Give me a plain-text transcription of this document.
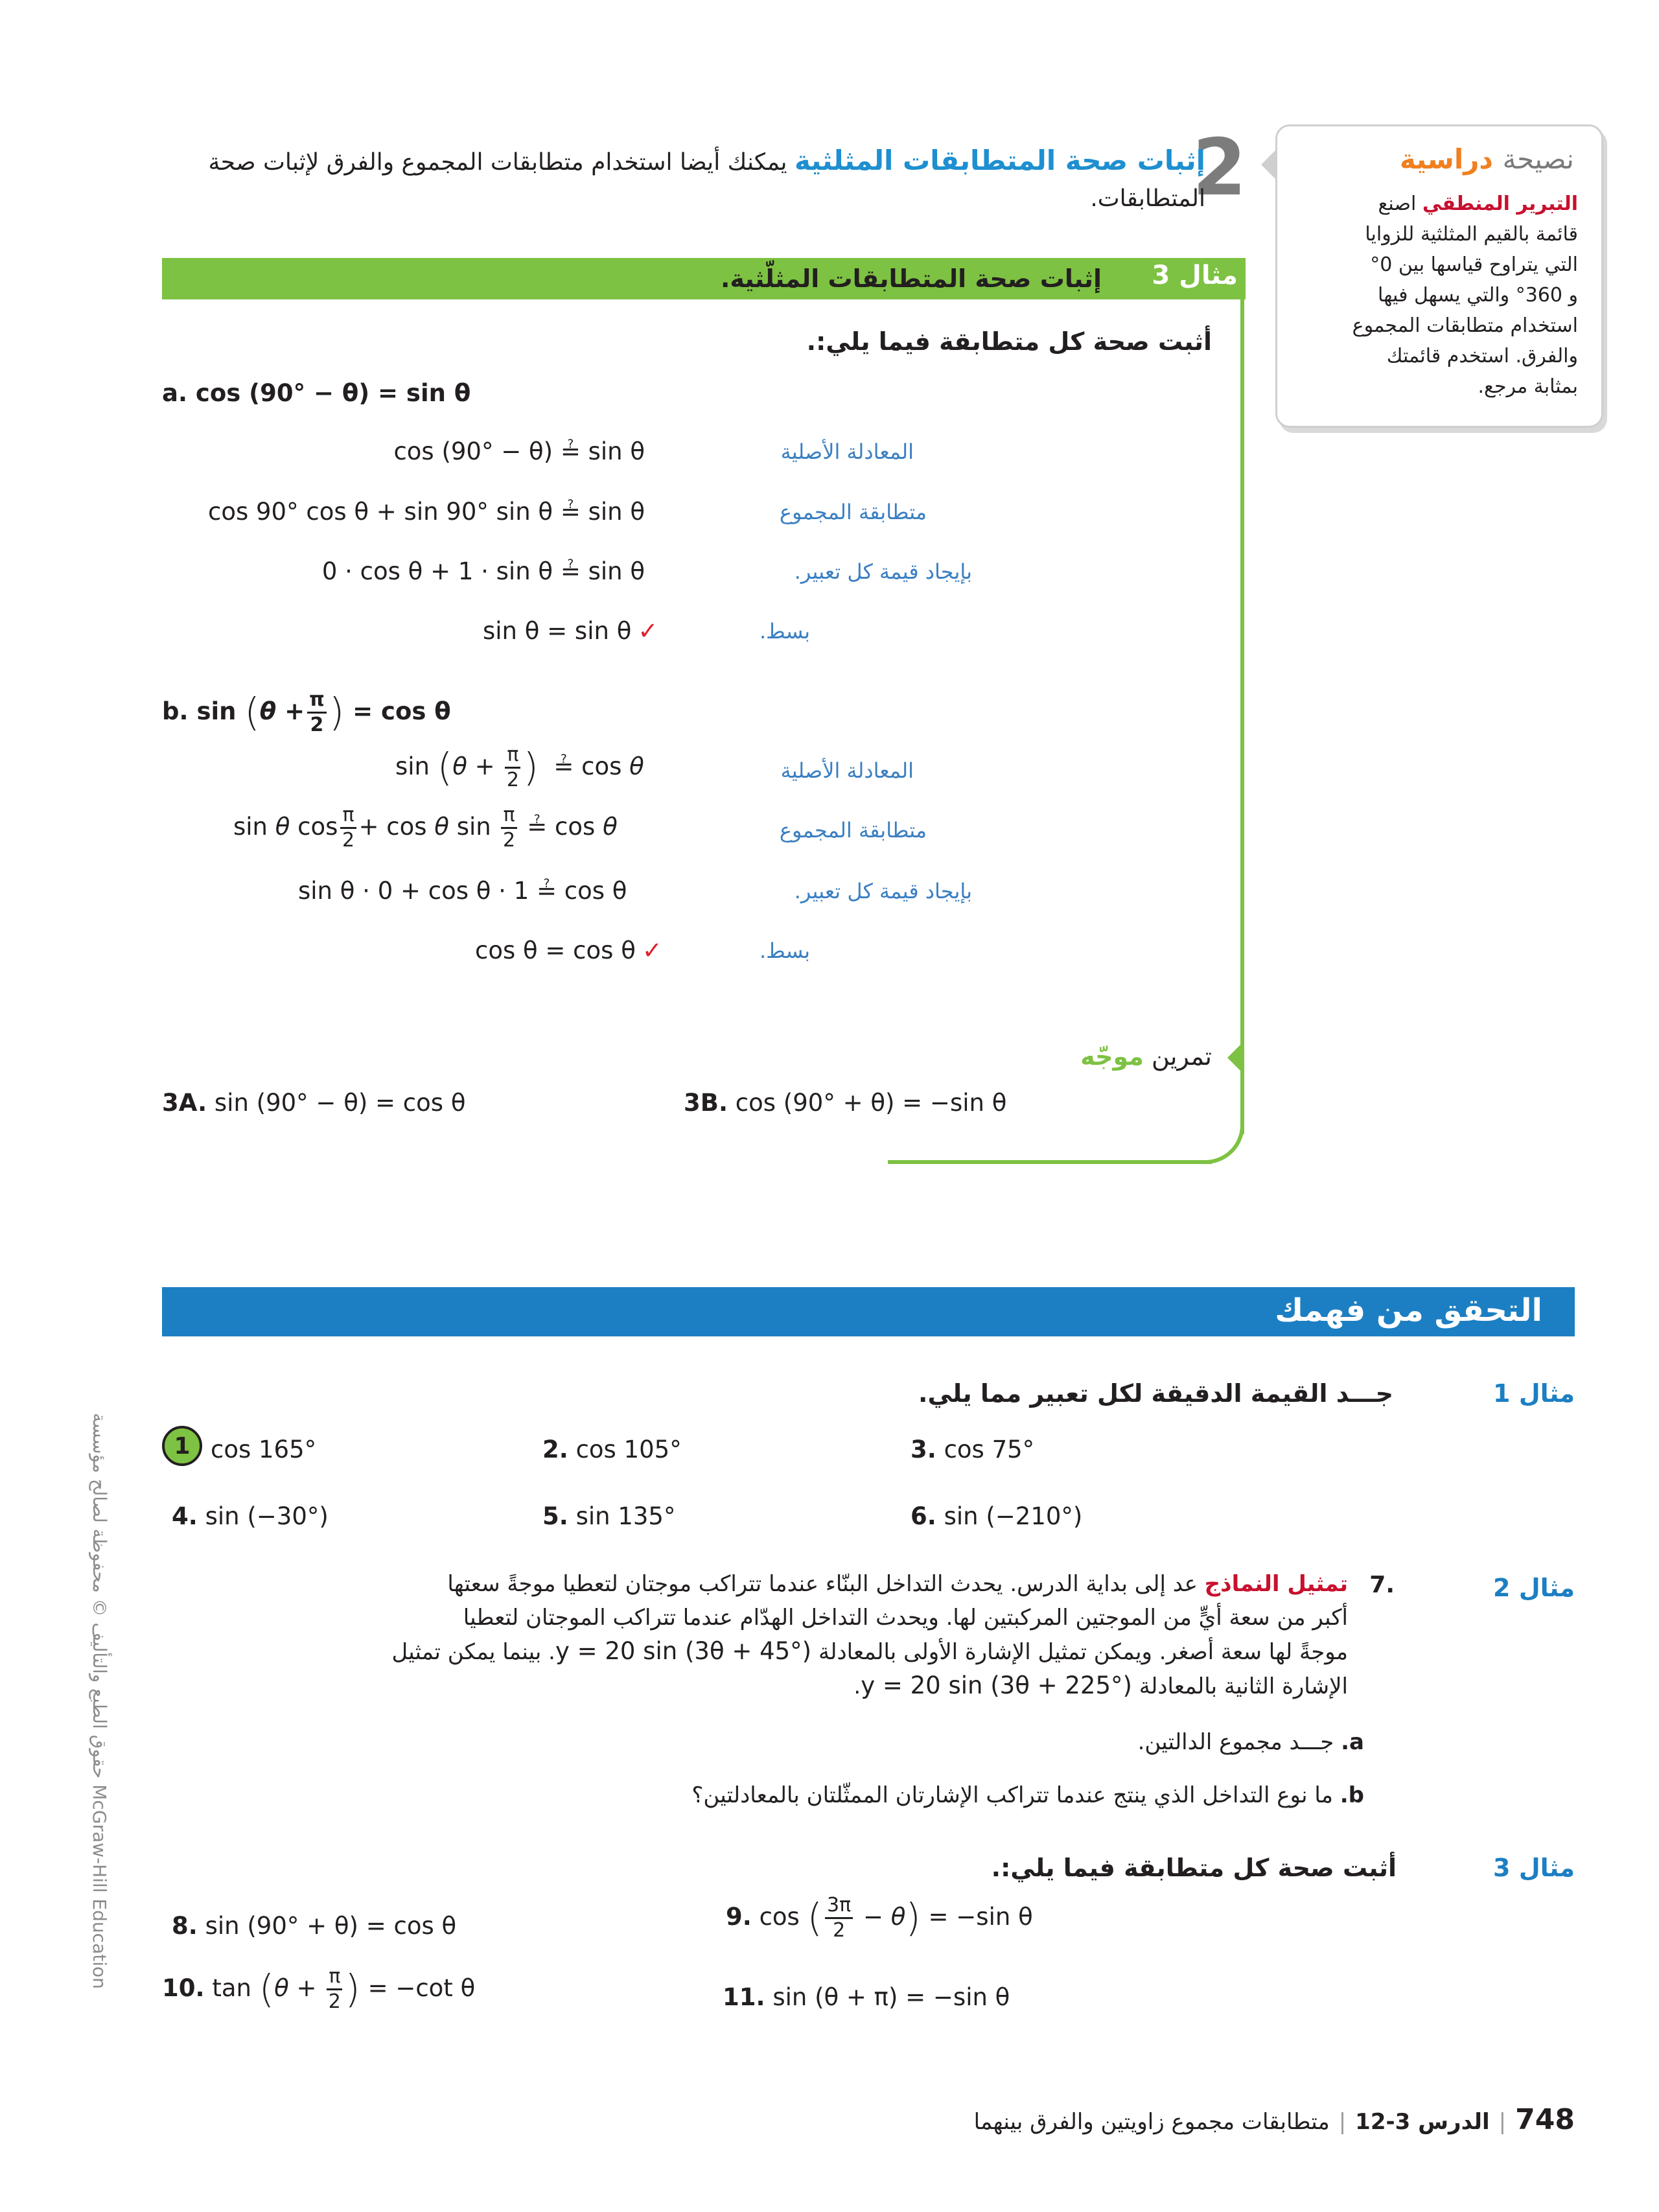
نصيحة دراسية
التبرير المنطقي اصنع
قائمة بالقيم المثلثية للزوايا
التي يتراوح قياسها بين 0°
و 360° والتي يسهل فيها
استخدام متطابقات المجموع
والفرق. استخدم قائمتك
بمثابة مرجع.
2
إثبات صحة المتطابقات المثلثية يمكنك أيضا استخدام متطابقات المجموع والفرق لإثبات صحة المتطابقات.
مثال 3
إثبات صحة المتطابقات المثلّثية.
أثبت صحة كل متطابقة فيما يلي:.
a. cos (90° − θ) = sin θ
cos (90° − θ) ≟ sin θ	المعادلة الأصلية
cos 90° cos θ + sin 90° sin θ ≟ sin θ	متطابقة المجموع
0 · cos θ + 1 · sin θ ≟ sin θ	بإيجاد قيمة كل تعبير.
sin θ = sin θ ✓	بسط.
b. $\sin (\theta + \frac{\pi}{2}$ ) = cos θ
$\sin (\theta + \frac{\pi}{2}$ )  ≟ cos θ	المعادلة الأصلية
sin θ $\cos \frac{\pi}{2} + \cos \theta$ $\sin \frac{\pi}{2}$ ≟ cos θ	متطابقة المجموع
sin θ · 0 + cos θ · 1 ≟ cos θ	بإيجاد قيمة كل تعبير.
cos θ = cos θ ✓	بسط.
تمرين موجّه
3A. sin (90° − θ) = cos θ	3B. cos (90° + θ) = −sin θ
التحقق من فهمك
مثال 1
جـــد القيمة الدقيقة لكل تعبير مما يلي.
1 cos 165°	2. cos 105°	3. cos 75°
4. sin (−30°)	5. sin 135°	6. sin (−210°)
مثال 2
.7
تمثيل النماذج عد إلى بداية الدرس. يحدث التداخل البنّاء عندما تتراكب موجتان لتعطيا موجةً سعتها
أكبر من سعة أيٍّ من الموجتين المركبتين لها. ويحدث التداخل الهدّام عندما تتراكب الموجتان لتعطيا
موجةً لها سعة أصغر. ويمكن تمثيل الإشارة الأولى بالمعادلة y = 20 sin (3θ + 45°). بينما يمكن تمثيل
الإشارة الثانية بالمعادلة y = 20 sin (3θ + 225°).
a. جـــد مجموع الدالتين.
b. ما نوع التداخل الذي ينتج عندما تتراكب الإشارتان الممثّلتان بالمعادلتين؟
مثال 3
أثبت صحة كل متطابقة فيما يلي:.
8. sin (90° + θ) = cos θ	9. cos ( $\frac{3\pi}{2} - \theta) = -\sin$ θ
10. $\tan (\theta + \frac{\pi}{2}$ ) = −cot θ	11. sin (θ + π) = −sin θ
حقوق الطبع والتأليف © محفوظة لصالح مؤسسة McGraw-Hill Education
748|الدرس 3-12|متطابقات مجموع زاويتين والفرق بينهما
